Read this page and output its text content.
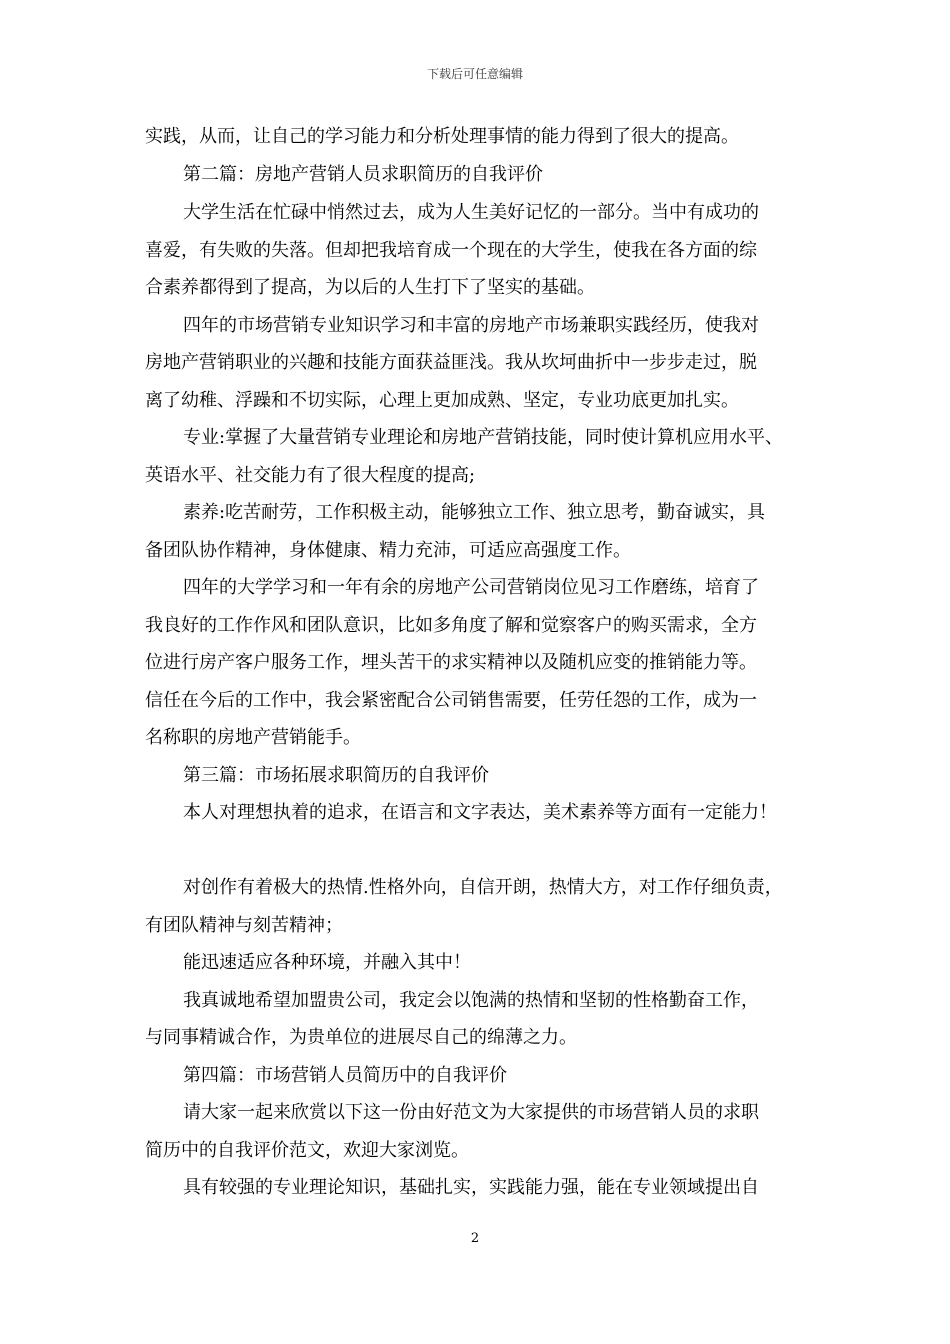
下载后可任意编辑
实践，从而，让自己的学习能力和分析处理事情的能力得到了很大的提高。
第二篇：房地产营销人员求职简历的自我评价
大学生活在忙碌中悄然过去，成为人生美好记忆的一部分。当中有成功的
喜爱，有失败的失落。但却把我培育成一个现在的大学生，使我在各方面的综
合素养都得到了提高，为以后的人生打下了坚实的基础。
四年的市场营销专业知识学习和丰富的房地产市场兼职实践经历，使我对
房地产营销职业的兴趣和技能方面获益匪浅。我从坎坷曲折中一步步走过，脱
离了幼稚、浮躁和不切实际，心理上更加成熟、坚定，专业功底更加扎实。
专业:掌握了大量营销专业理论和房地产营销技能，同时使计算机应用水平、
英语水平、社交能力有了很大程度的提高;
素养:吃苦耐劳，工作积极主动，能够独立工作、独立思考，勤奋诚实，具
备团队协作精神，身体健康、精力充沛，可适应高强度工作。
四年的大学学习和一年有余的房地产公司营销岗位见习工作磨练，培育了
我良好的工作作风和团队意识，比如多角度了解和觉察客户的购买需求，全方
位进行房产客户服务工作，埋头苦干的求实精神以及随机应变的推销能力等。
信任在今后的工作中，我会紧密配合公司销售需要，任劳任怨的工作，成为一
名称职的房地产营销能手。
第三篇：市场拓展求职简历的自我评价
本人对理想执着的追求，在语言和文字表达，美术素养等方面有一定能力！
对创作有着极大的热情.性格外向，自信开朗，热情大方，对工作仔细负责，
有团队精神与刻苦精神；
能迅速适应各种环境，并融入其中！
我真诚地希望加盟贵公司，我定会以饱满的热情和坚韧的性格勤奋工作，
与同事精诚合作，为贵单位的进展尽自己的绵薄之力。
第四篇：市场营销人员简历中的自我评价
请大家一起来欣赏以下这一份由好范文为大家提供的市场营销人员的求职
简历中的自我评价范文，欢迎大家浏览。
具有较强的专业理论知识，基础扎实，实践能力强，能在专业领域提出自
2
